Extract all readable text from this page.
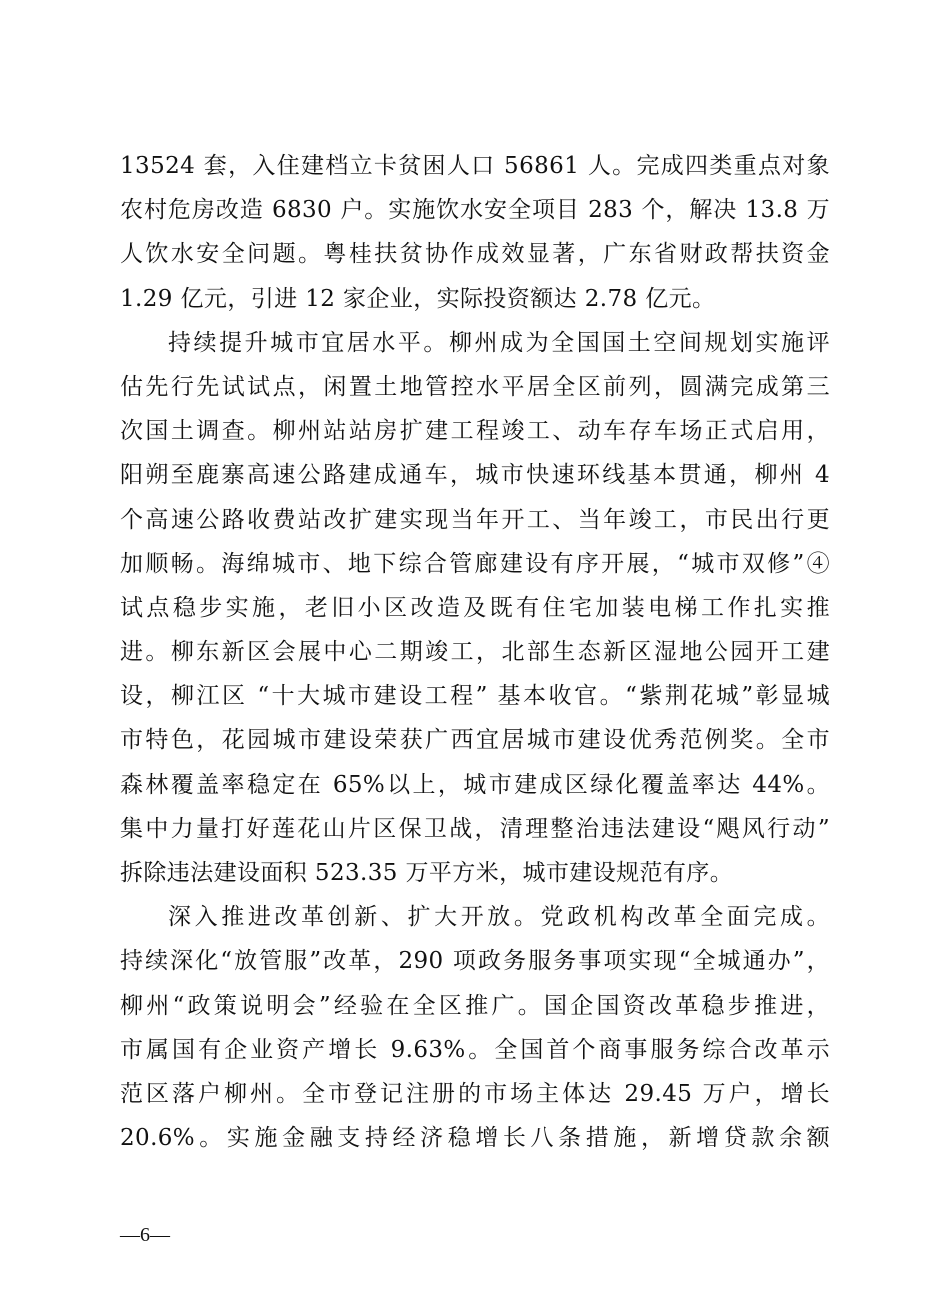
13524 套，入住建档立卡贫困人口 56861 人。完成四类重点对象
农村危房改造 6830 户。实施饮水安全项目 283 个，解决 13.8 万
人饮水安全问题。粤桂扶贫协作成效显著，广东省财政帮扶资金
1.29 亿元，引进 12 家企业，实际投资额达 2.78 亿元。
持续提升城市宜居水平。柳州成为全国国土空间规划实施评
估先行先试试点，闲置土地管控水平居全区前列，圆满完成第三
次国土调查。柳州站站房扩建工程竣工、动车存车场正式启用，
阳朔至鹿寨高速公路建成通车，城市快速环线基本贯通，柳州 4
个高速公路收费站改扩建实现当年开工、当年竣工，市民出行更
加顺畅。海绵城市、地下综合管廊建设有序开展，“城市双修”④
试点稳步实施，老旧小区改造及既有住宅加装电梯工作扎实推
进。柳东新区会展中心二期竣工，北部生态新区湿地公园开工建
设，柳江区 “十大城市建设工程” 基本收官。“紫荆花城”彰显城
市特色，花园城市建设荣获广西宜居城市建设优秀范例奖。全市
森林覆盖率稳定在 65%以上，城市建成区绿化覆盖率达 44%。
集中力量打好莲花山片区保卫战，清理整治违法建设“飓风行动”
拆除违法建设面积 523.35 万平方米，城市建设规范有序。
深入推进改革创新、扩大开放。党政机构改革全面完成。
持续深化“放管服”改革，290 项政务服务事项实现“全城通办”，
柳州“政策说明会”经验在全区推广。国企国资改革稳步推进，
市属国有企业资产增长 9.63%。全国首个商事服务综合改革示
范区落户柳州。全市登记注册的市场主体达 29.45 万户，增长
20.6%。实施金融支持经济稳增长八条措施，新增贷款余额
—6—
